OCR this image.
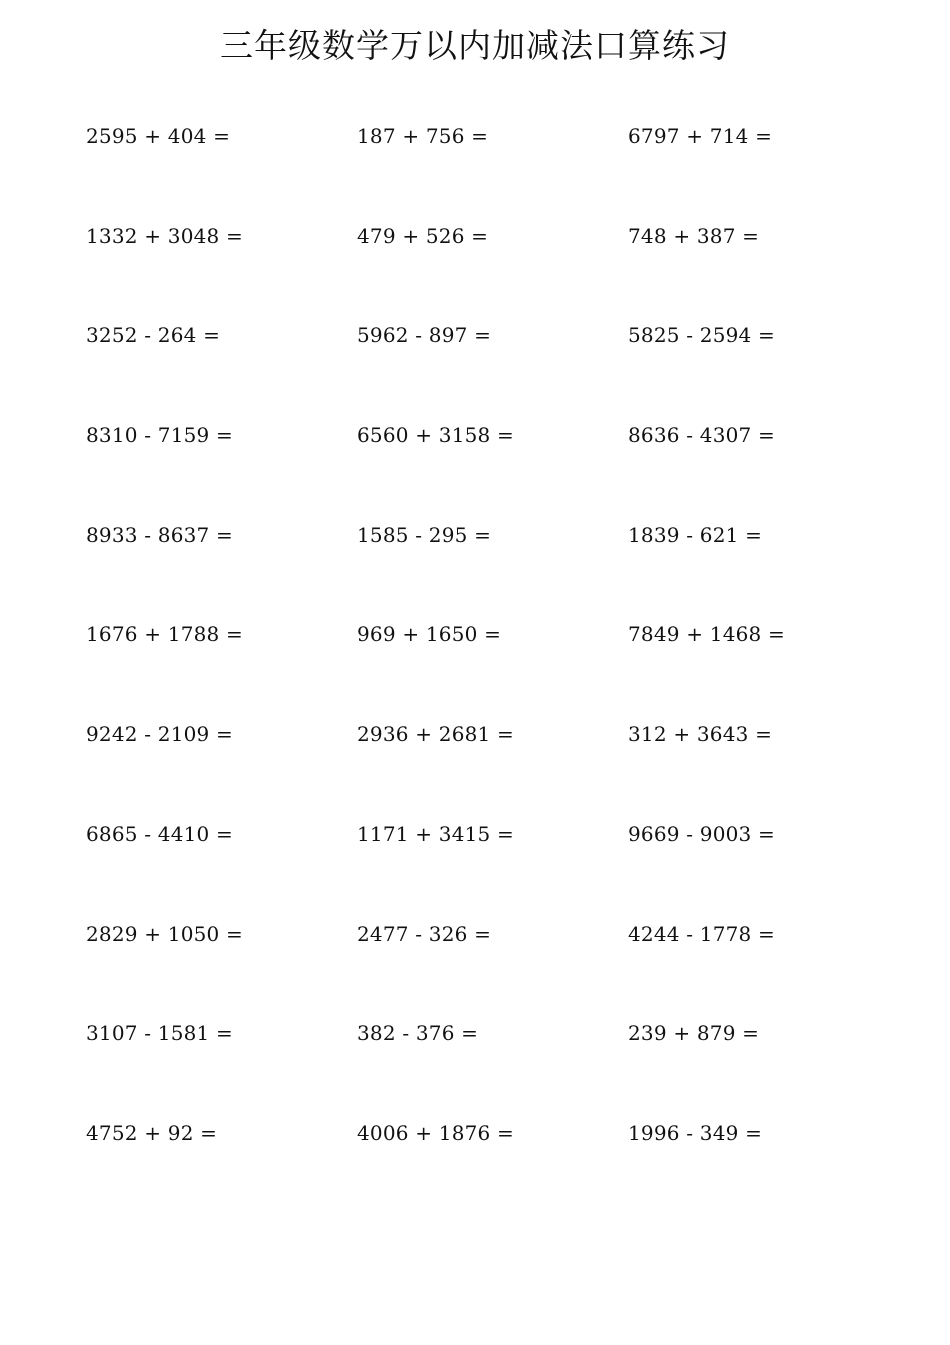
三年级数学万以内加减法口算练习
2595 + 404 =	187 + 756 =	6797 + 714 =
1332 + 3048 =	479 + 526 =	748 + 387 =
3252 - 264 =	5962 - 897 =	5825 - 2594 =
8310 - 7159 =	6560 + 3158 =	8636 - 4307 =
8933 - 8637 =	1585 - 295 =	1839 - 621 =
1676 + 1788 =	969 + 1650 =	7849 + 1468 =
9242 - 2109 =	2936 + 2681 =	312 + 3643 =
6865 - 4410 =	1171 + 3415 =	9669 - 9003 =
2829 + 1050 =	2477 - 326 =	4244 - 1778 =
3107 - 1581 =	382 - 376 =	239 + 879 =
4752 + 92 =	4006 + 1876 =	1996 - 349 =
